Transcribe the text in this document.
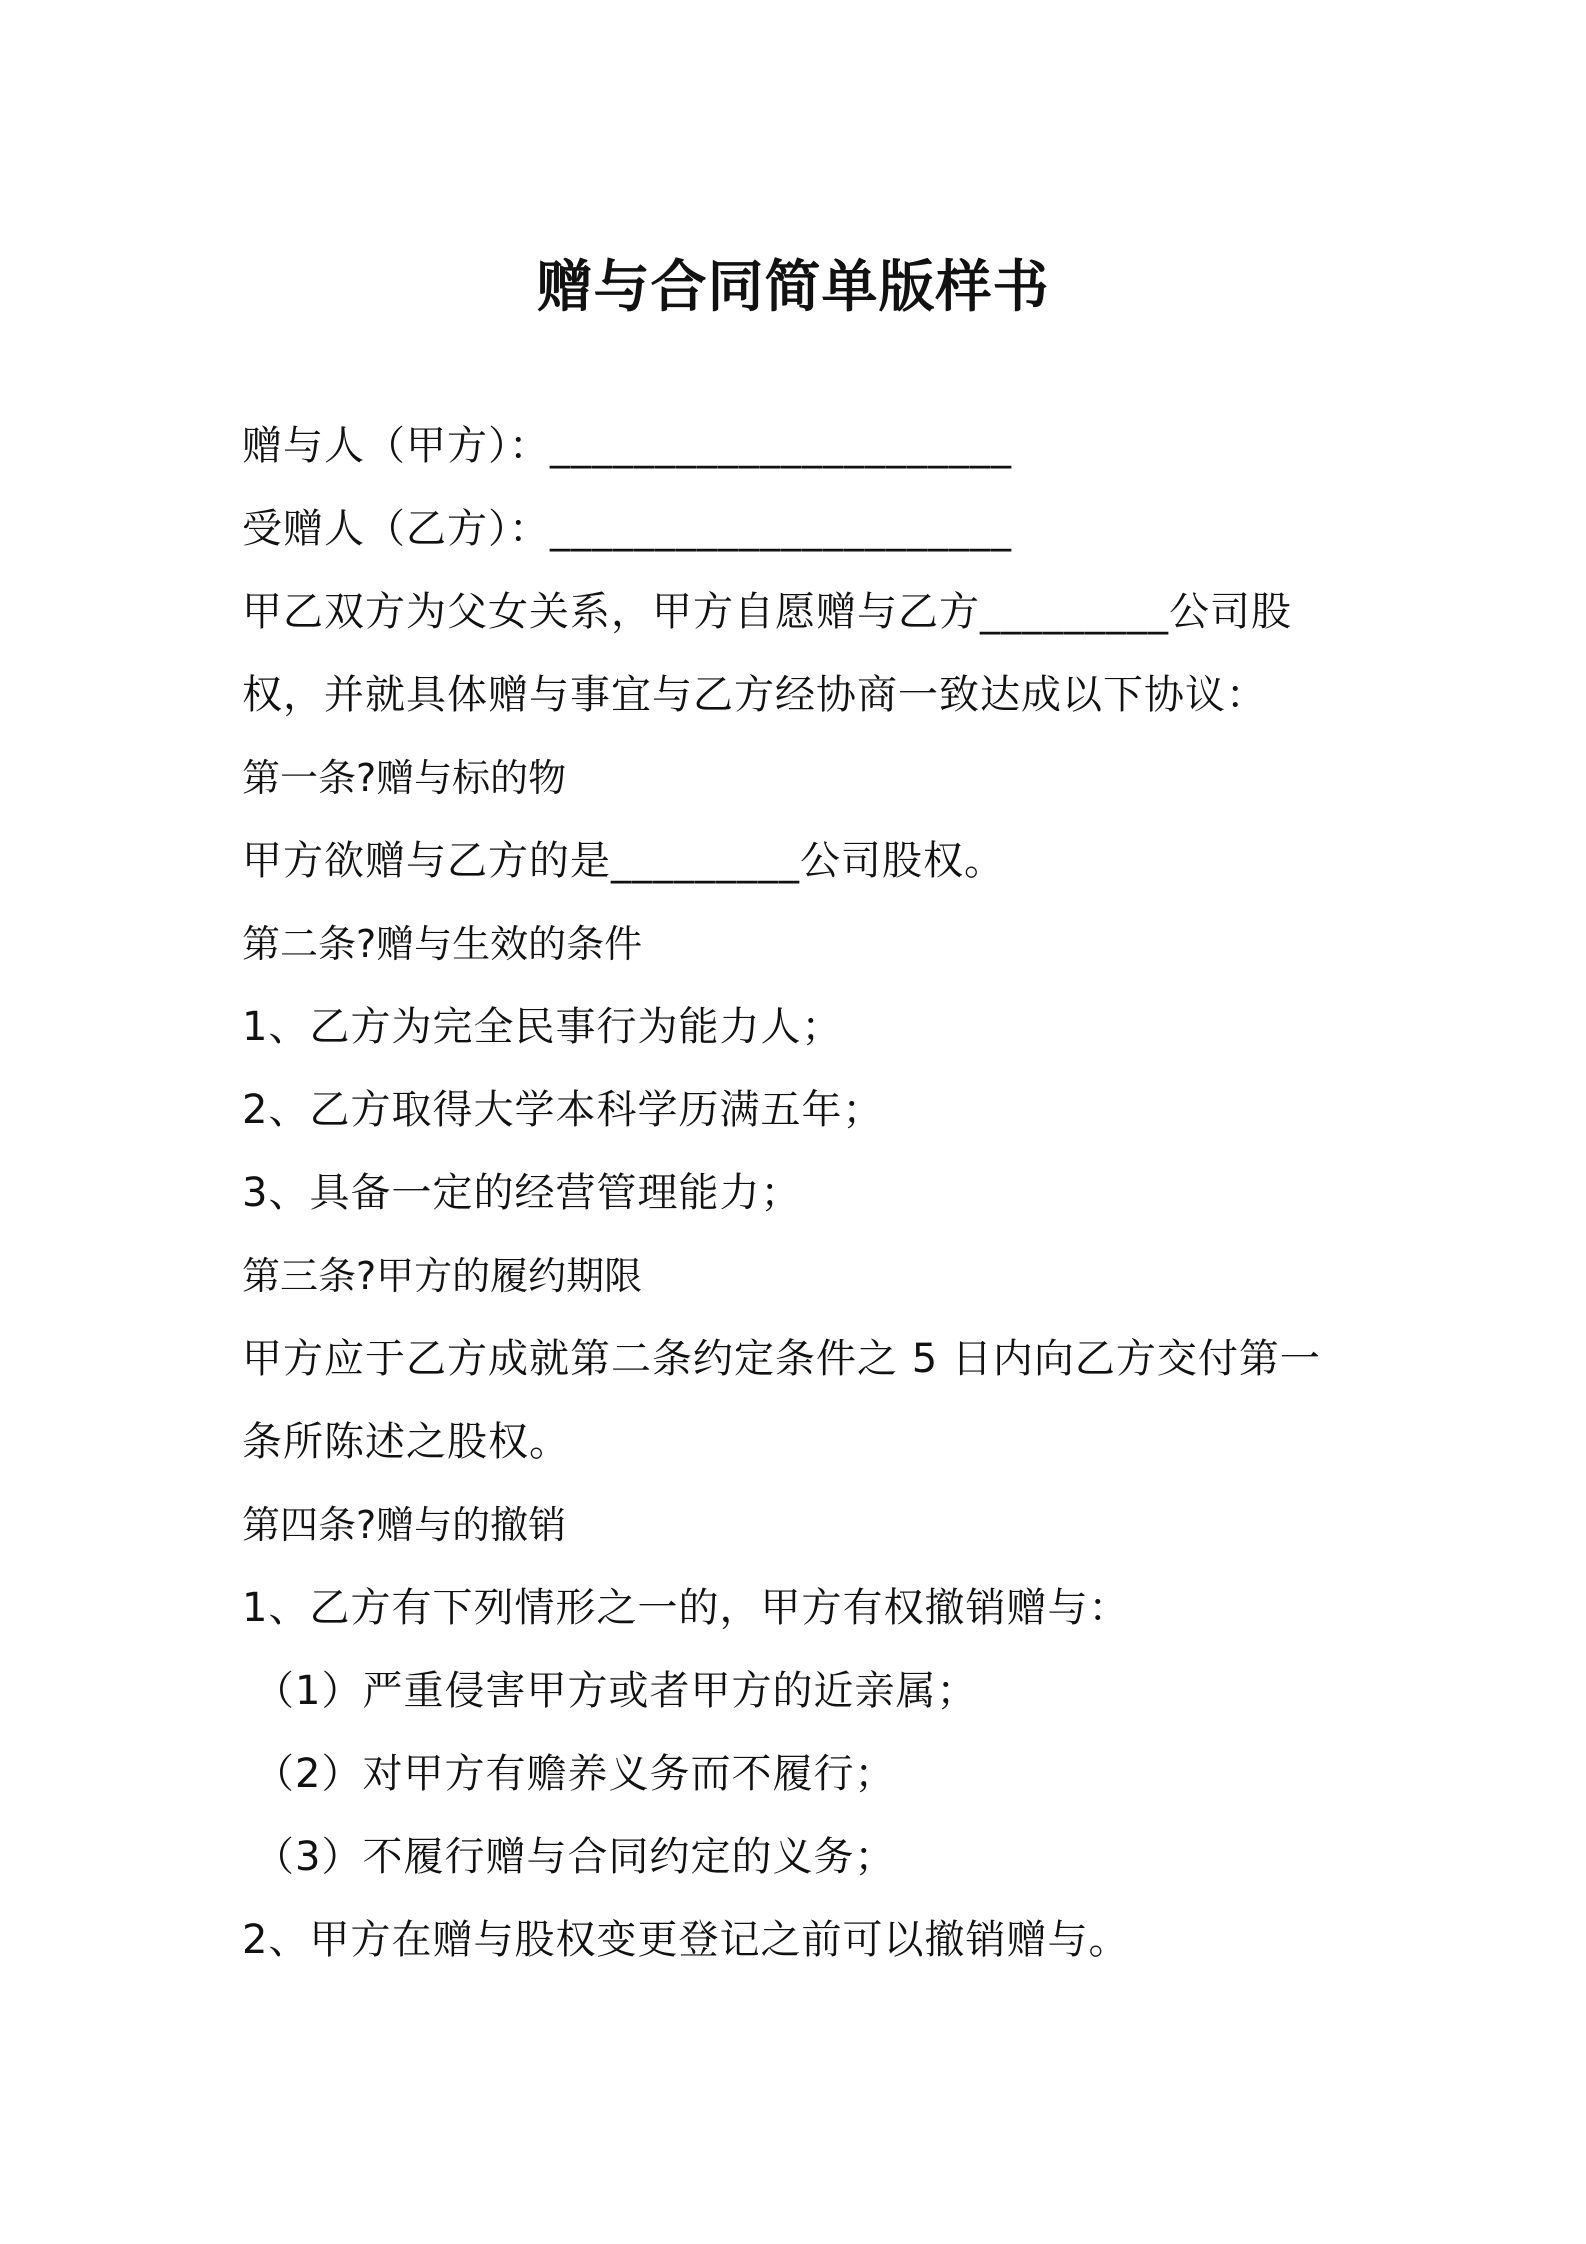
赠与合同简单版样书
赠与人（甲方）：______________________
受赠人（乙方）：______________________
甲乙双方为父女关系，甲方自愿赠与乙方_________公司股
权，并就具体赠与事宜与乙方经协商一致达成以下协议：
第一条?赠与标的物
甲方欲赠与乙方的是_________公司股权。
第二条?赠与生效的条件
1、乙方为完全民事行为能力人；
2、乙方取得大学本科学历满五年；
3、具备一定的经营管理能力；
第三条?甲方的履约期限
甲方应于乙方成就第二条约定条件之 5 日内向乙方交付第一
条所陈述之股权。
第四条?赠与的撤销
1、乙方有下列情形之一的，甲方有权撤销赠与：
（1）严重侵害甲方或者甲方的近亲属；
（2）对甲方有赡养义务而不履行；
（3）不履行赠与合同约定的义务；
2、甲方在赠与股权变更登记之前可以撤销赠与。
